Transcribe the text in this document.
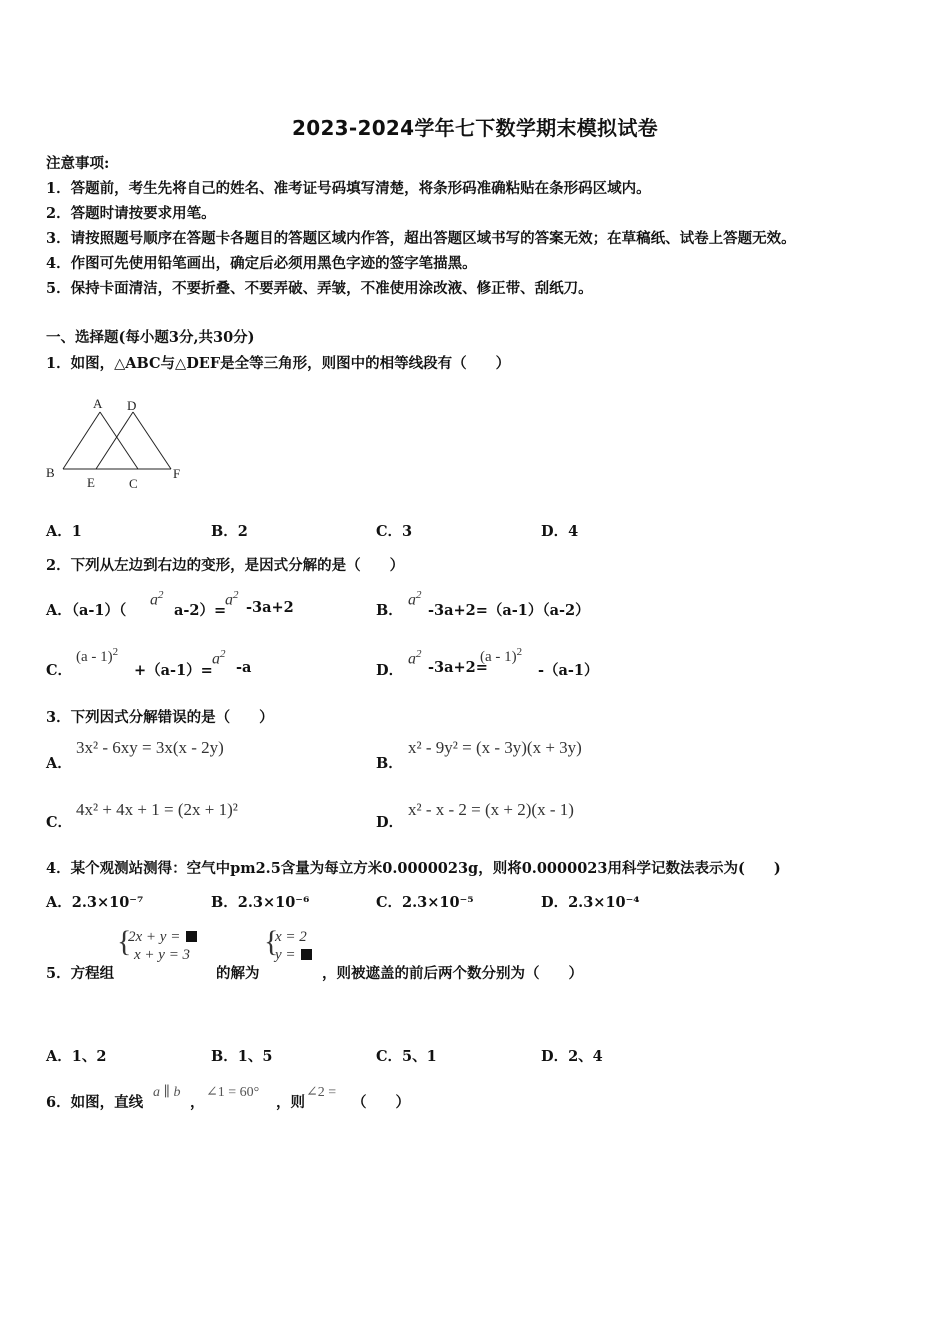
2023-2024学年七下数学期末模拟试卷
注意事项:
1．答题前，考生先将自己的姓名、准考证号码填写清楚，将条形码准确粘贴在条形码区域内。
2．答题时请按要求用笔。
3．请按照题号顺序在答题卡各题目的答题区域内作答，超出答题区域书写的答案无效；在草稿纸、试卷上答题无效。
4．作图可先使用铅笔画出，确定后必须用黑色字迹的签字笔描黑。
5．保持卡面清洁，不要折叠、不要弄破、弄皱，不准使用涂改液、修正带、刮纸刀。
一、选择题(每小题3分,共30分)
1．如图，△ABC与△DEF是全等三角形，则图中的相等线段有（　　）
A D
B
E	C
F
A．1	B．2	C．3	D．4
2．下列从左边到右边的变形，是因式分解的是（　　）
A．（a-1）（
$a^2$
a-2）=
$a^2$
-3a+2	B．
$a^2$
-3a+2=（a-1）（a-2）
C．
(a - 1)$^2$
+（a-1）=
$a^2$
-a	D．
$a^2$
-3a+2=
(a - 1)$^2$
-（a-1）
3．下列因式分解错误的是（　　）
A．
3x² - 6xy = 3x(x - 2y)
B．
x² - 9y² = (x - 3y)(x + 3y)
C．
4x² + 4x + 1 = (2x + 1)²
D．
x² - x - 2 = (x + 2)(x - 1)
4．某个观测站测得：空气中pm2.5含量为每立方米0.0000023g，则将0.0000023用科学记数法表示为(　　)
A．2.3×10⁻⁷	B．2.3×10⁻⁶	C．2.3×10⁻⁵	D．2.3×10⁻⁴
5．方程组
{
2x + y =
x + y = 3
的解为
{
x = 2
y =
，则被遮盖的前后两个数分别为（　　）
A．1、2	B．1、5	C．5、1	D．2、4
6．如图，直线
a ∥ b
，
∠1 = 60°
，则
∠2 =
（　　）
